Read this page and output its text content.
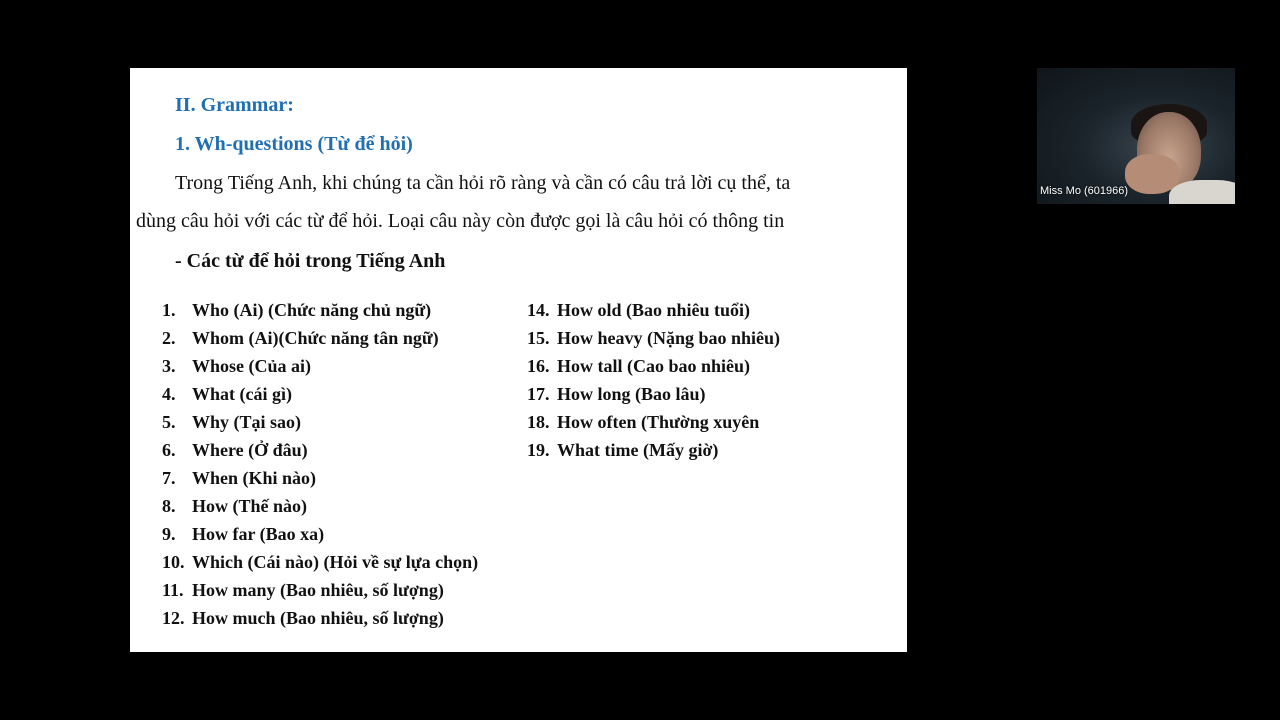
II. Grammar:
1. Wh-questions (Từ để hỏi)
Trong Tiếng Anh, khi chúng ta cần hỏi rõ ràng và cần có câu trả lời cụ thể, ta
dùng câu hỏi với các từ để hỏi. Loại câu này còn được gọi là câu hỏi có thông tin
- Các từ để hỏi trong Tiếng Anh
1. Who (Ai) (Chức năng chủ ngữ)
2. Whom (Ai)(Chức năng tân ngữ)
3. Whose (Của ai)
4. What (cái gì)
5. Why (Tại sao)
6. Where (Ở đâu)
7. When (Khi nào)
8. How (Thế nào)
9. How far (Bao xa)
10. Which (Cái nào) (Hỏi về sự lựa chọn)
11. How many (Bao nhiêu, số lượng)
12. How much (Bao nhiêu, số lượng)
14. How old (Bao nhiêu tuổi)
15. How heavy (Nặng bao nhiêu)
16. How tall (Cao bao nhiêu)
17. How long (Bao lâu)
18. How often (Thường xuyên
19. What time (Mấy giờ)
Miss Mo (601966)
